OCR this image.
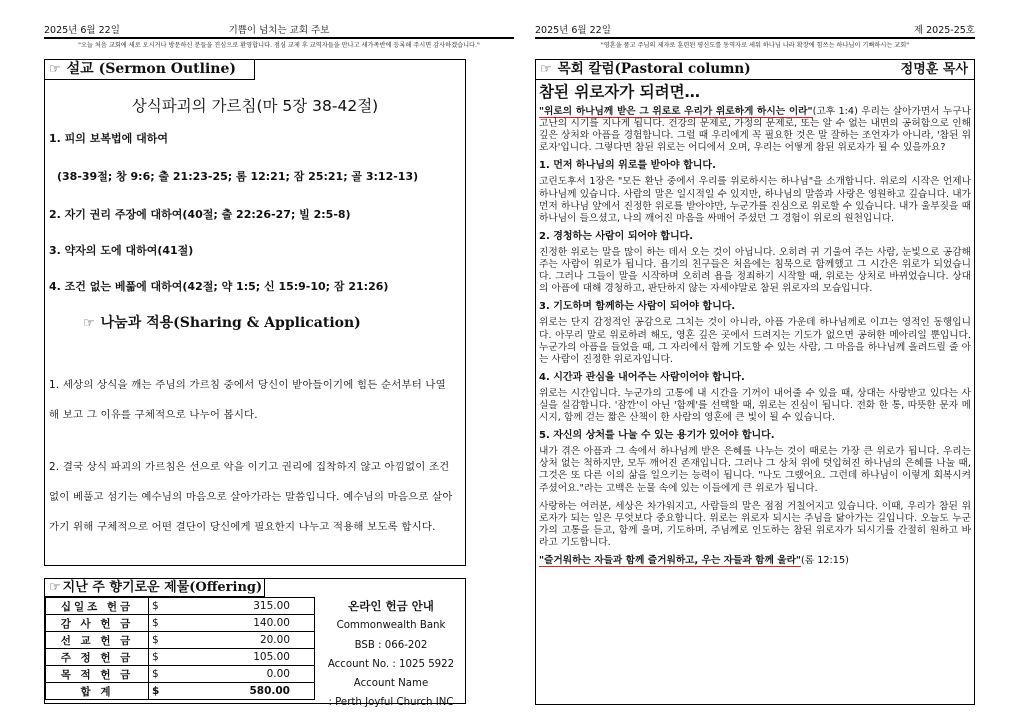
2025년 6월 22일	기쁨이 넘치는 교회 주보
"오늘 처음 교회에 새로 오시거나 방문하신 분들을 진심으로 환영합니다. 점심 교제 후 교역자들을 만나고 새가족반에 등록해 주시면 감사하겠습니다."
☞ 설교 (Sermon Outline)
상식파괴의 가르침(마 5장 38-42절)
1. 피의 보복법에 대하여
(38-39절; 창 9:6; 출 21:23-25; 롬 12:21; 잠 25:21; 골 3:12-13)
2. 자기 권리 주장에 대하여(40절; 출 22:26-27; 빌 2:5-8)
3. 약자의 도에 대하여(41절)
4. 조건 없는 베풂에 대하여(42절; 약 1:5; 신 15:9-10; 잠 21:26)
☞ 나눔과 적용(Sharing & Application)
1. 세상의 상식을 깨는 주님의 가르침 중에서 당신이 받아들이기에 힘든 순서부터 나열해 보고 그 이유를 구체적으로 나누어 봅시다.
2. 결국 상식 파괴의 가르침은 선으로 악을 이기고 권리에 집착하지 않고 아낌없이 조건 없이 베풀고 섬기는 예수님의 마음으로 살아가라는 말씀입니다. 예수님의 마음으로 살아가기 위해 구체적으로 어떤 결단이 당신에게 필요한지 나누고 적용해 보도록 합시다.
☞ 지난 주 향기로운 제물(Offering)
십일조 헌금	$	315.00
감 사 헌 금	$	140.00
선 교 헌 금	$	20.00
주 정 헌 금	$	105.00
목 적 헌 금	$	0.00
합 계	$	580.00
온라인 헌금 안내
Commonwealth Bank
BSB : 066-202
Account No. : 1025 5922
Account Name
: Perth Joyful Church INC
2025년 6월 22일	제 2025-25호
"영혼을 품고 주님의 제자로 훈련된 평신도를 동역자로 세워 하나님 나라 확장에 힘쓰는 하나님이 기뻐하시는 교회"
☞ 목회 칼럼(Pastoral column)	정명훈 목사
참된 위로자가 되려면…

"위로의 하나님께 받은 그 위로로 우리가 위로하게 하시는 이라"(고후 1:4) 우리는 살아가면서 누구나 고난의 시기를 지나게 됩니다. 건강의 문제로, 가정의 문제로, 또는 알 수 없는 내면의 공허함으로 인해 깊은 상처와 아픔을 경험합니다. 그럴 때 우리에게 꼭 필요한 것은 말 잘하는 조언자가 아니라, '참된 위로자'입니다. 그렇다면 참된 위로는 어디에서 오며, 우리는 어떻게 참된 위로자가 될 수 있을까요?

1. 먼저 하나님의 위로를 받아야 합니다.

고린도후서 1장은 "모든 환난 중에서 우리를 위로하시는 하나님"을 소개합니다. 위로의 시작은 언제나 하나님께 있습니다. 사람의 말은 일시적일 수 있지만, 하나님의 말씀과 사랑은 영원하고 깊습니다. 내가 먼저 하나님 앞에서 진정한 위로를 받아야만, 누군가를 진심으로 위로할 수 있습니다. 내가 울부짖을 때 하나님이 들으셨고, 나의 깨어진 마음을 싸매어 주셨던 그 경험이 위로의 원천입니다.

2. 경청하는 사람이 되어야 합니다.

진정한 위로는 말을 많이 하는 데서 오는 것이 아닙니다. 오히려 귀 기울여 주는 사람, 눈빛으로 공감해 주는 사람이 위로가 됩니다. 욥기의 친구들은 처음에는 침묵으로 함께했고 그 시간은 위로가 되었습니다. 그러나 그들이 말을 시작하며 오히려 욥을 정죄하기 시작할 때, 위로는 상처로 바뀌었습니다. 상대의 아픔에 대해 경청하고, 판단하지 않는 자세야말로 참된 위로자의 모습입니다.

3. 기도하며 함께하는 사람이 되어야 합니다.

위로는 단지 감정적인 공감으로 그치는 것이 아니라, 아픔 가운데 하나님께로 이끄는 영적인 동행입니다. 아무리 말로 위로하려 해도, 영혼 깊은 곳에서 드려지는 기도가 없으면 공허한 메아리일 뿐입니다. 누군가의 아픔을 들었을 때, 그 자리에서 함께 기도할 수 있는 사람, 그 마음을 하나님께 올려드릴 줄 아는 사람이 진정한 위로자입니다.

4. 시간과 관심을 내어주는 사람이어야 합니다.

위로는 시간입니다. 누군가의 고통에 내 시간을 기꺼이 내어줄 수 있을 때, 상대는 사랑받고 있다는 사실을 실감합니다. '잠깐'이 아닌 '함께'를 선택할 때, 위로는 진심이 됩니다. 전화 한 통, 따뜻한 문자 메시지, 함께 걷는 짧은 산책이 한 사람의 영혼에 큰 빛이 될 수 있습니다.

5. 자신의 상처를 나눌 수 있는 용기가 있어야 합니다.

내가 겪은 아픔과 그 속에서 하나님께 받은 은혜를 나누는 것이 때로는 가장 큰 위로가 됩니다. 우리는 상처 없는 척하지만, 모두 깨어진 존재입니다. 그러나 그 상처 위에 덧입혀진 하나님의 은혜를 나눌 때, 그것은 또 다른 이의 삶을 일으키는 능력이 됩니다. "나도 그랬어요. 그런데 하나님이 이렇게 회복시켜 주셨어요."라는 고백은 눈물 속에 있는 이들에게 큰 위로가 됩니다.

사랑하는 여러분, 세상은 차가워지고, 사람들의 말은 점점 거칠어지고 있습니다. 이때, 우리가 참된 위로자가 되는 일은 무엇보다 중요합니다. 위로는 위로자 되시는 주님을 닮아가는 길입니다. 오늘도 누군가의 고통을 듣고, 함께 울며, 기도하며, 주님께로 인도하는 참된 위로자가 되시기를 간절히 원하고 바라고 기도합니다.

"즐거워하는 자들과 함께 즐거워하고, 우는 자들과 함께 울라"(롬 12:15)
